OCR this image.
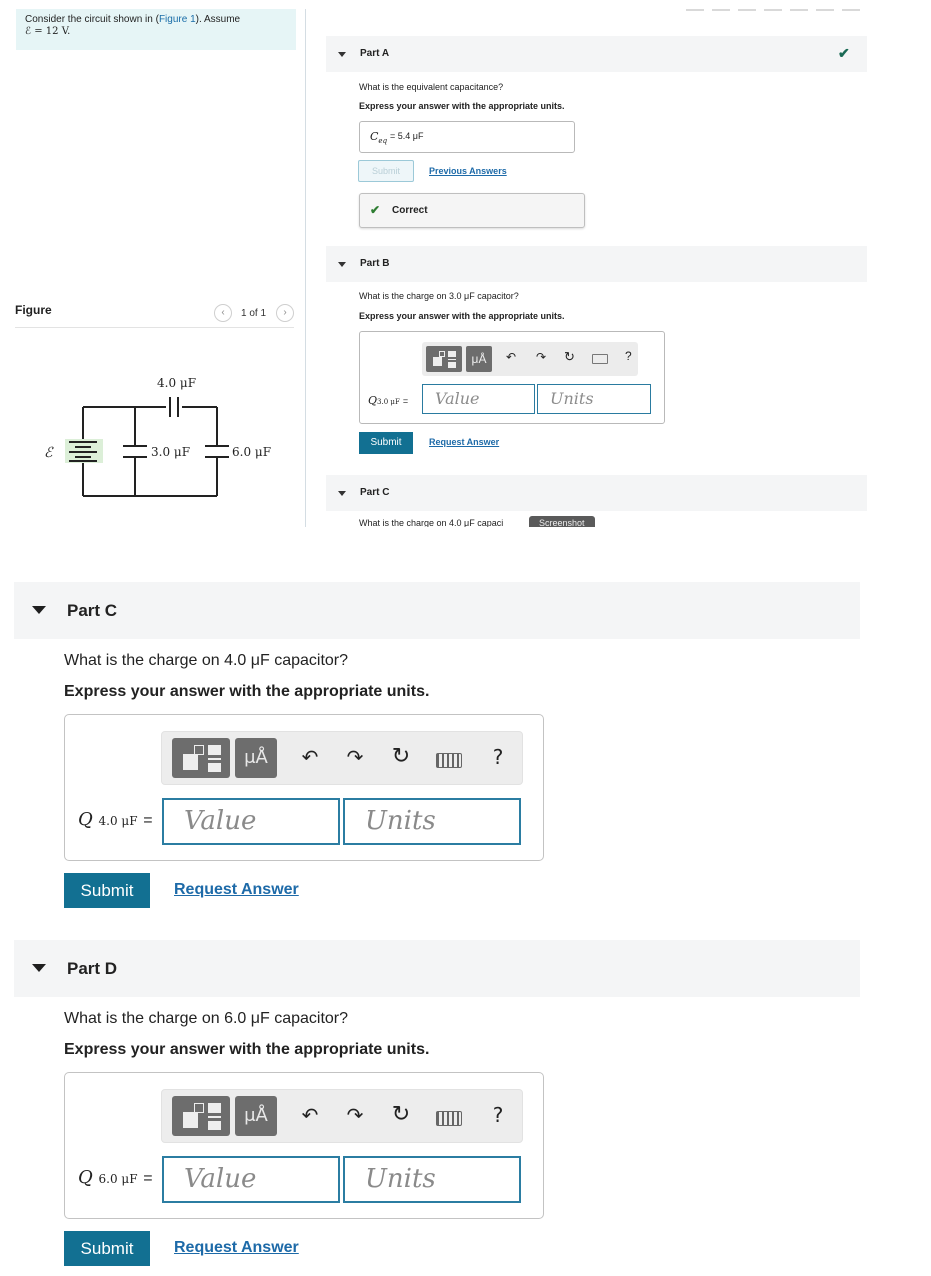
Consider the circuit shown in (Figure 1). Assume
ℰ = 12 V.
Figure	‹	1 of 1	›
ℰ
4.0 μF
3.0 μF	6.0 μF
Part A	✔
What is the equivalent capacitance?
Express your answer with the appropriate units.
$C_{eq}$
= 5.4 μF
Submit	Previous Answers
✔ Correct
Part B
What is the charge on 3.0 μF capacitor?
Express your answer with the appropriate units.
μÅ	↶ ↷ ↻	?
Q3.0 μF =	Value	Units
Submit	Request Answer
Part C
What is the charge on 4.0 μF capaci	Screenshot
Part C
What is the charge on 4.0 μF capacitor?
Express your answer with the appropriate units.
μÅ	↶	↷	↻	?
Q 4.0 μF =	Value	Units
Submit	Request Answer
Part D
What is the charge on 6.0 μF capacitor?
Express your answer with the appropriate units.
μÅ	↶	↷	↻	?
Q 6.0 μF =	Value	Units
Submit	Request Answer
